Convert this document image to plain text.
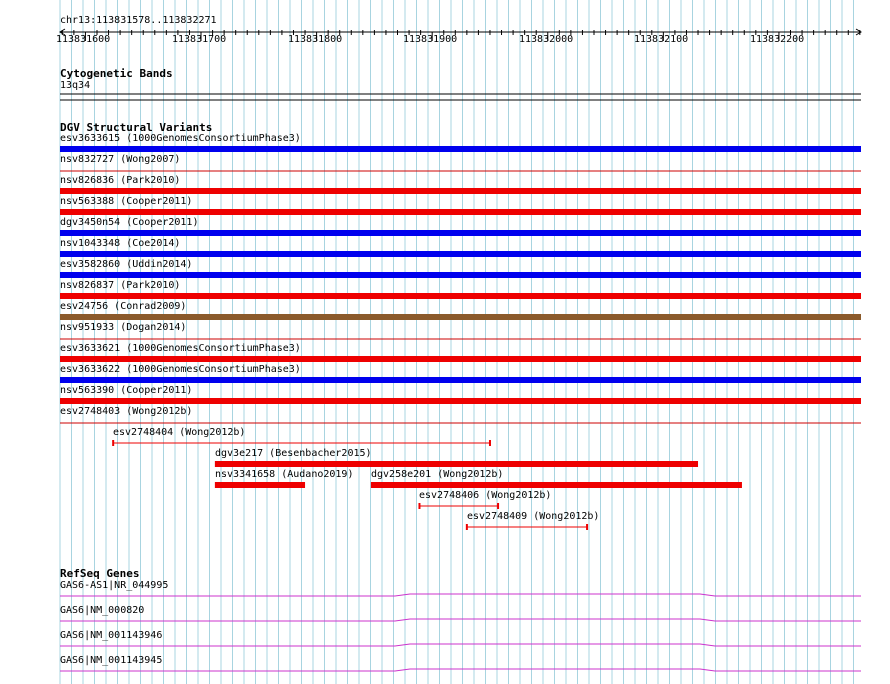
chr13:113831578..113832271
113831600	113831700	113831800	113831900	113832000	113832100	113832200
Cytogenetic Bands
13q34
DGV Structural Variants
esv3633615 (1000GenomesConsortiumPhase3)
nsv832727 (Wong2007)
nsv826836 (Park2010)
nsv563388 (Cooper2011)
dgv3450n54 (Cooper2011)
nsv1043348 (Coe2014)
esv3582860 (Uddin2014)
nsv826837 (Park2010)
esv24756 (Conrad2009)
nsv951933 (Dogan2014)
esv3633621 (1000GenomesConsortiumPhase3)
esv3633622 (1000GenomesConsortiumPhase3)
nsv563390 (Cooper2011)
esv2748403 (Wong2012b)
esv2748404 (Wong2012b)
dgv3e217 (Besenbacher2015)
nsv3341658 (Audano2019) dgv258e201 (Wong2012b)
esv2748406 (Wong2012b)
esv2748409 (Wong2012b)
RefSeq Genes
GAS6-AS1|NR_044995
GAS6|NM_000820
GAS6|NM_001143946
GAS6|NM_001143945
